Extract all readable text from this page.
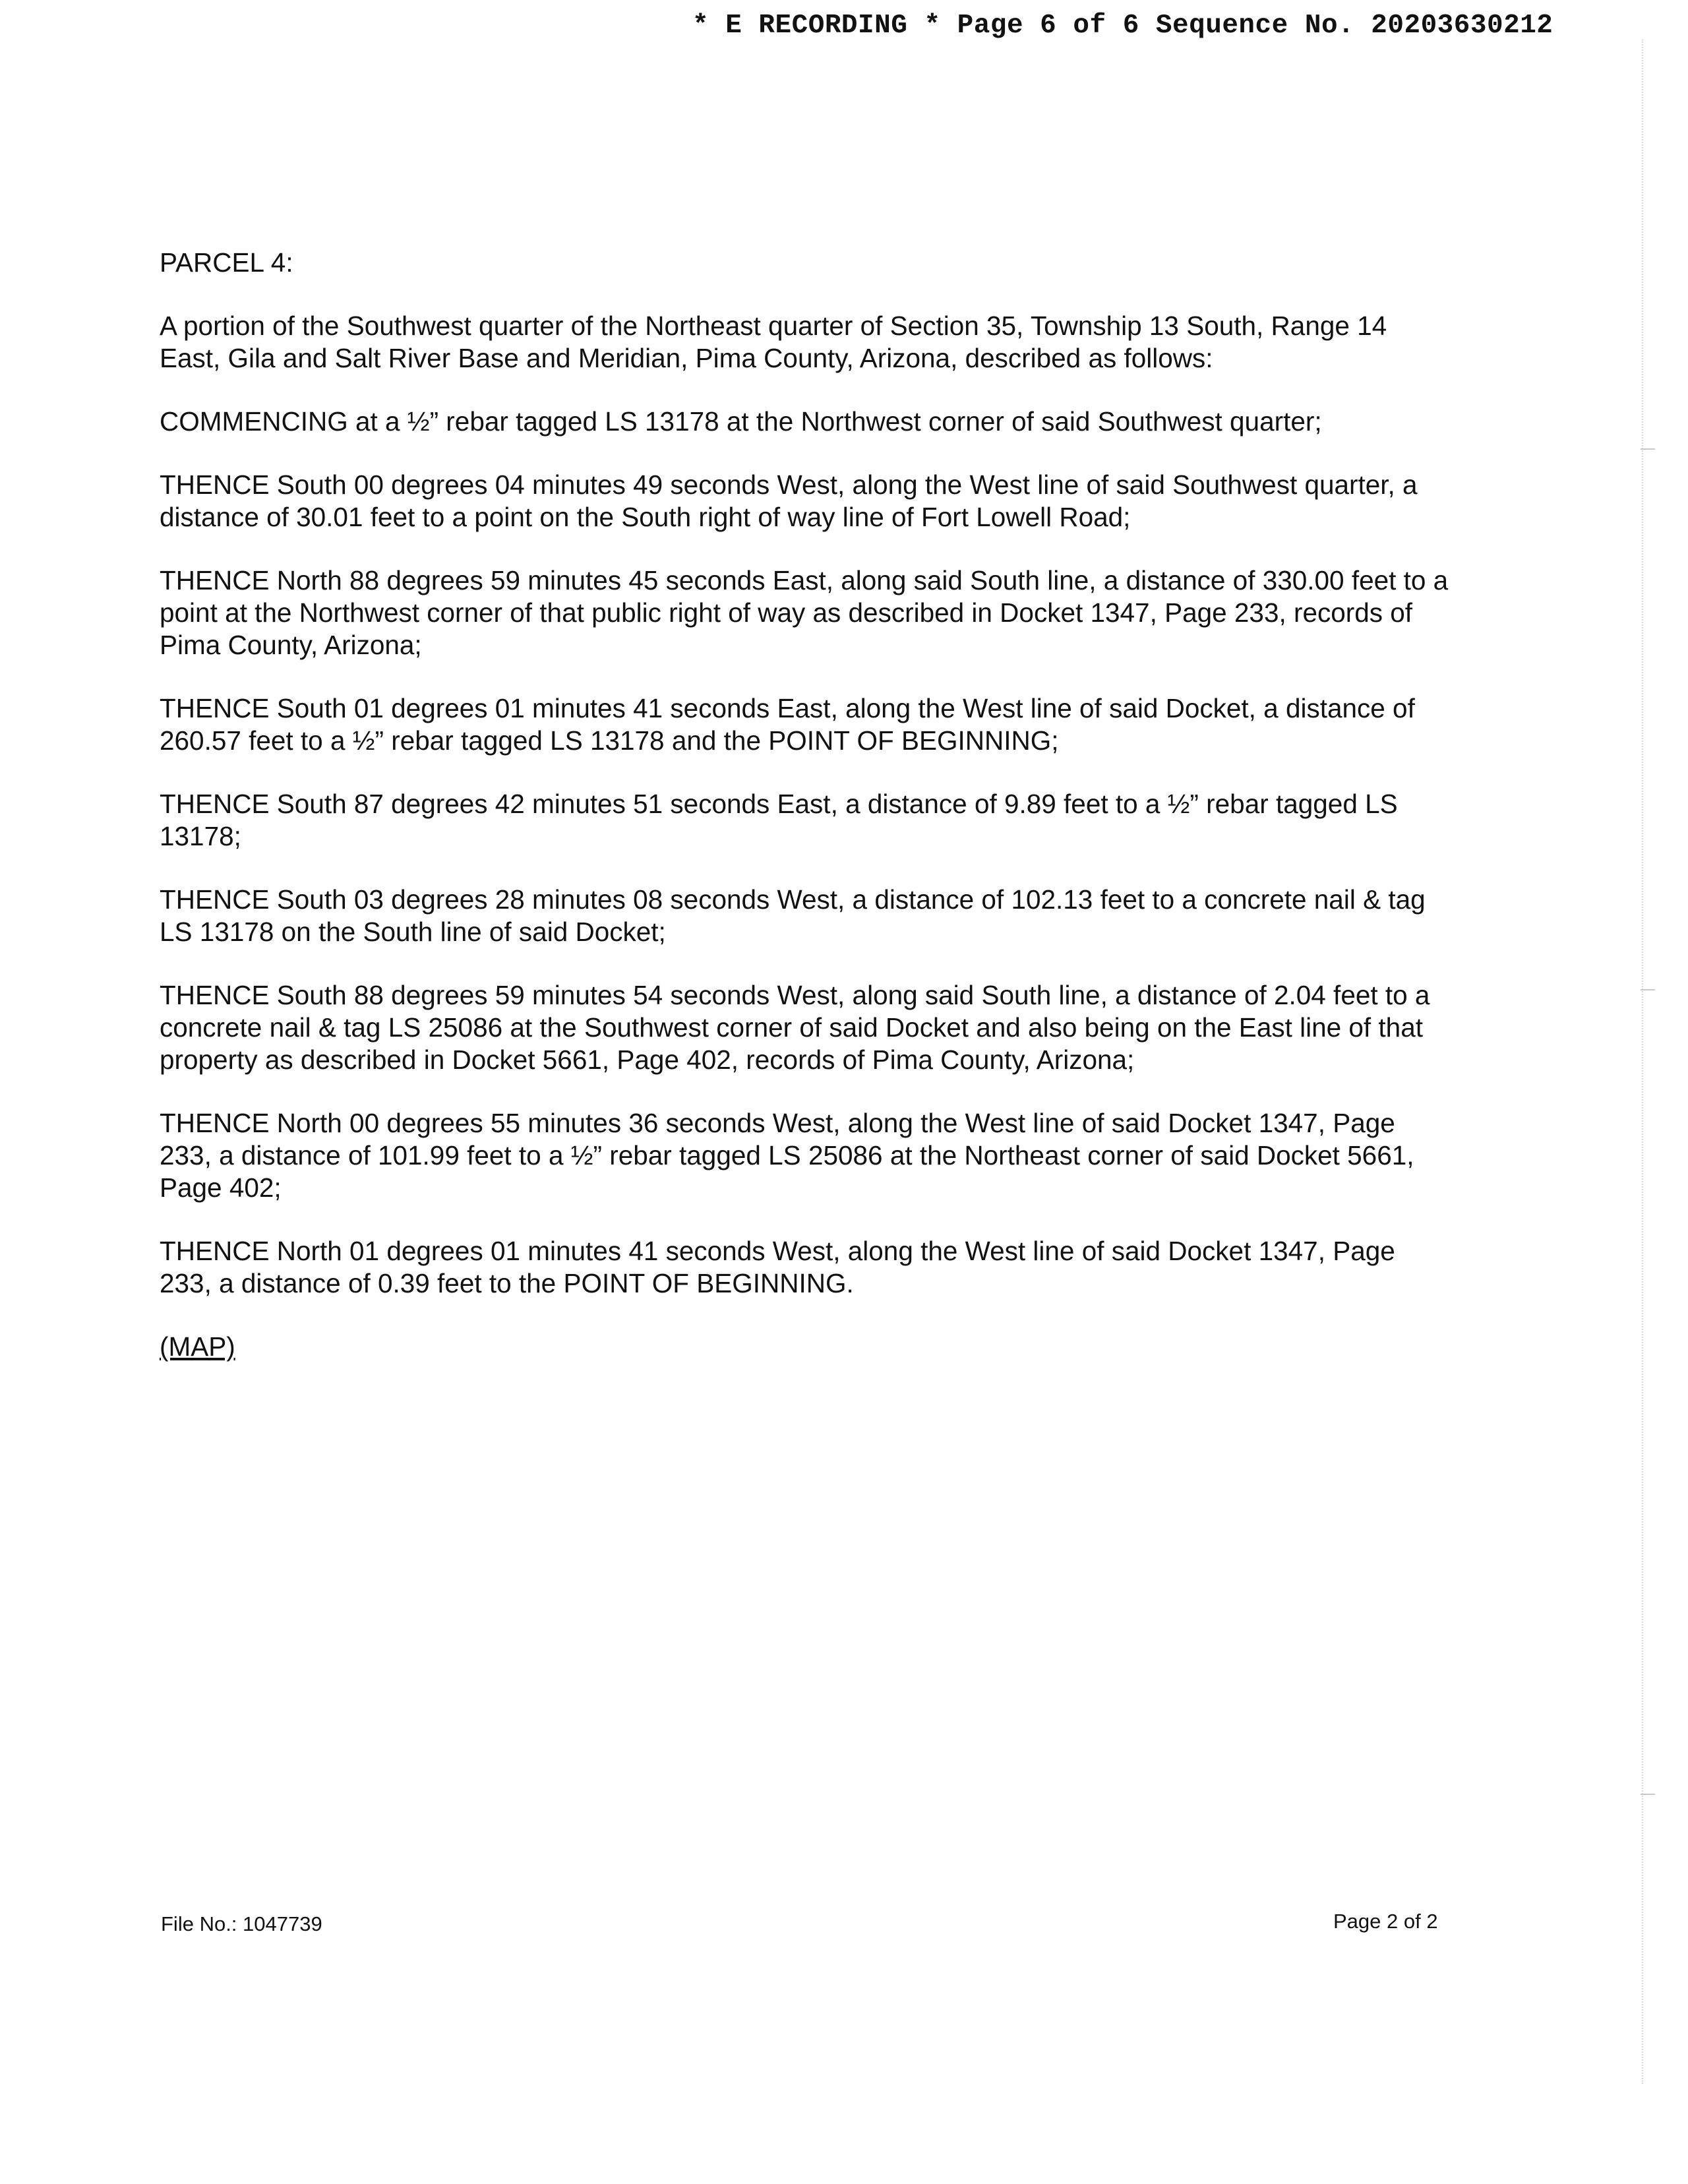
* E RECORDING * Page 6 of 6 Sequence No. 20203630212

PARCEL 4:

A portion of the Southwest quarter of the Northeast quarter of Section 35, Township 13 South, Range 14 East, Gila and Salt River Base and Meridian, Pima County, Arizona, described as follows:

COMMENCING at a ½” rebar tagged LS 13178 at the Northwest corner of said Southwest quarter;

THENCE South 00 degrees 04 minutes 49 seconds West, along the West line of said Southwest quarter, a distance of 30.01 feet to a point on the South right of way line of Fort Lowell Road;

THENCE North 88 degrees 59 minutes 45 seconds East, along said South line, a distance of 330.00 feet to a point at the Northwest corner of that public right of way as described in Docket 1347, Page 233, records of Pima County, Arizona;

THENCE South 01 degrees 01 minutes 41 seconds East, along the West line of said Docket, a distance of 260.57 feet to a ½” rebar tagged LS 13178 and the POINT OF BEGINNING;

THENCE South 87 degrees 42 minutes 51 seconds East, a distance of 9.89 feet to a ½” rebar tagged LS 13178;

THENCE South 03 degrees 28 minutes 08 seconds West, a distance of 102.13 feet to a concrete nail & tag LS 13178 on the South line of said Docket;

THENCE South 88 degrees 59 minutes 54 seconds West, along said South line, a distance of 2.04 feet to a concrete nail & tag LS 25086 at the Southwest corner of said Docket and also being on the East line of that property as described in Docket 5661, Page 402, records of Pima County, Arizona;

THENCE North 00 degrees 55 minutes 36 seconds West, along the West line of said Docket 1347, Page 233, a distance of 101.99 feet to a ½” rebar tagged LS 25086 at the Northeast corner of said Docket 5661, Page 402;

THENCE North 01 degrees 01 minutes 41 seconds West, along the West line of said Docket 1347, Page 233, a distance of 0.39 feet to the POINT OF BEGINNING.

(MAP)

File No.: 1047739	Page 2 of 2
